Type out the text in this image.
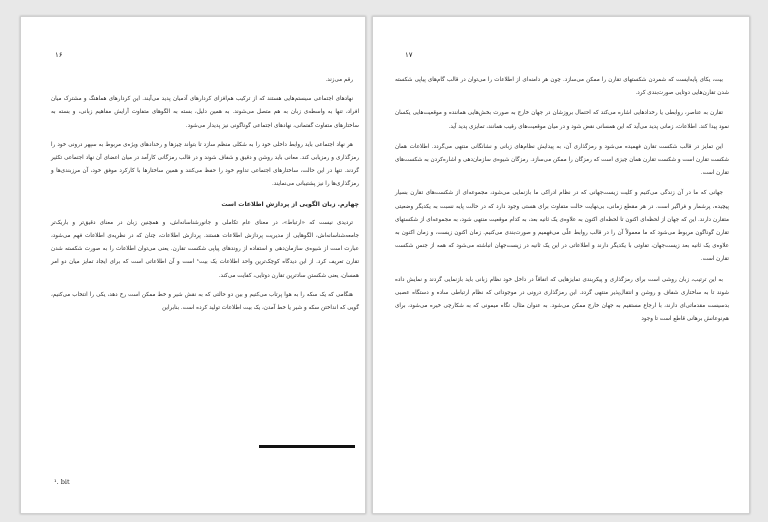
۱۶

رقم می‌زند.

نهادهای اجتماعی سیستم‌هایی هستند که از ترکیب هم‌افزای کردارهای آدمیان پدید می‌آیند. این کردارهای هماهنگ و مشترک میان افراد، تنها به واسطه‌ی زبان به هم متصل می‌شوند. به همین دلیل، بسته به الگوهای متفاوت آرایش مفاهیم زبانی، و بسته به ساختارهای متفاوت گفتمانی، نهادهای اجتماعی گوناگونی نیز پدیدار می‌شود.

هر نهاد اجتماعی باید روابط داخلی خود را به شکلی منظم سازد تا بتواند چیزها و رخدادهای ویژه‌ی مربوط به سپهر درونی خود را رمزگذاری و رمزیابی کند. معانی باید روشن و دقیق و شفاف شوند و در قالب رمزگانی کارآمد در میان اعضای آن نهاد اجتماعی تکثیر گردند. تنها در این حالت، ساختارهای اجتماعی تداوم خود را حفظ می‌کنند و همین ساختارها با کارکرد موفق خود، آن مرزبندی‌ها و رمزگذاری‌ها را نیز پشتیبانی می‌نمایند.

چهارم. زبان الگویی از پردازش اطلاعات است

تردیدی نیست که «ارتباط»، در معنای عام تکاملی و جانورشناسانه‌اش، و همچنین زبان در معنای دقیق‌تر و باریک‌تر جامعه‌شناسانه‌اش، الگوهایی از مدیریت پردازش اطلاعات هستند. پردازش اطلاعات، چنان که در نظریه‌ی اطلاعات فهم می‌شود، عبارت است از شیوه‌ی سازمان‌دهی و استفاده از روندهای پیاپی شکست تقارن. یعنی می‌توان اطلاعات را به صورت شکسته شدن تقارن تعریف کرد. از این دیدگاه کوچک‌ترین واحد اطلاعات یک بیت¹ است و آن اطلاعاتی است که برای ایجاد تمایز میان دو امر همسان، یعنی شکستن سادترین تقارن دوتایی، کفایت می‌کند.

هنگامی که یک سکه را به هوا پرتاب می‌کنیم و بین دو حالتی که به نقش شیر و خط ممکن است رخ دهد، یکی را انتخاب می‌کنیم، گویی که انداختن سکه و شیر یا خط آمدن، یک بیت اطلاعات تولید کرده است. بنابراین

¹. bit
۱۷

بیت، یکای پایه‌ایست که شمردن شکستهای تقارن را ممکن می‌سازد. چون هر دامنه‌ای از اطلاعات را می‌توان در قالب گام‌های پیاپی شکسته شدن تقارن‌هایی دوتایی صورت‌بندی کرد.

تقارن به عناصر، روابطی یا رخدادهایی اشاره می‌کند که احتمال بروزشان در جهان خارج به صورت بخش‌هایی هماننده و موقعیت‌هایی یکسان نمود پیدا کند. اطلاعات، زمانی پدید می‌آید که این همسانی نقض شود و در میان موقعیت‌های رقیب همانند، تمایزی پدید آید.

این تمایز در قالب شکست تقارن فهمیده می‌شود و رمزگذاری آن، به پیدایش نظام‌های زبانی و نشانگانی منتهی می‌گردد. اطلاعات همان شکست تقارن است و شکست تقارن همان چیزی است که رمزگان را ممکن می‌سازد. رمزگان شیوه‌ی سازمان‌دهی و اشاره‌کردن به شکست‌های تقارن است.

جهانی که ما در آن زندگی می‌کنیم و کلیت زیست‌جهانی که در نظام ادراکی ما بازنمایی می‌شود، مجموعه‌ای از شکست‌های تقارن بسیار پیچیده، پرشمار و فراگیر است. در هر مقطع زمانی، بی‌نهایت حالت متفاوت برای هستی وجود دارد که در حالت پایه نسبت به یکدیگر وضعیتی متقارن دارند. این که جهان از لحظه‌ای اکنون تا لحظه‌ای اکنون به علاوه‌ی یک ثانیه بعد، به کدام موقعیت منتهی شود، به مجموعه‌ای از شکستهای تقارن گوناگون مربوط می‌شود که ما معمولاً آن را در قالب روابط علّی می‌فهمیم و صورت‌بندی می‌کنیم. زمان اکنون زیست، و زمان اکنون به علاوه‌ی یک ثانیه بعد زیست‌جهان، تفاوتی با یکدیگر دارند و اطلاعاتی در این یک ثانیه در زیست‌جهان انباشته می‌شود که همه از جنس شکست تقارن است.

به این ترتیب، زبان روشی است برای رمزگذاری و پیکربندی تمایزهایی که اتفاقاً در داخل خود نظام زبانی باید بازنمایی گردند و نمایش داده شوند تا به ساختاری شفاف و روشن و انتقال‌پذیر منتهی گردد. این رمزگذاری درونی در موجوداتی که نظام ارتباطی ساده و دستگاه عصبی بدسیست مقدماتی‌ای دارند، با ارجاع مستقیم به جهان خارج ممکن می‌شود. به عنوان مثال، نگاه میمونی که به شکارچی خیره می‌شود، برای هم‌نوعانش برهانی قاطع است تا وجود
